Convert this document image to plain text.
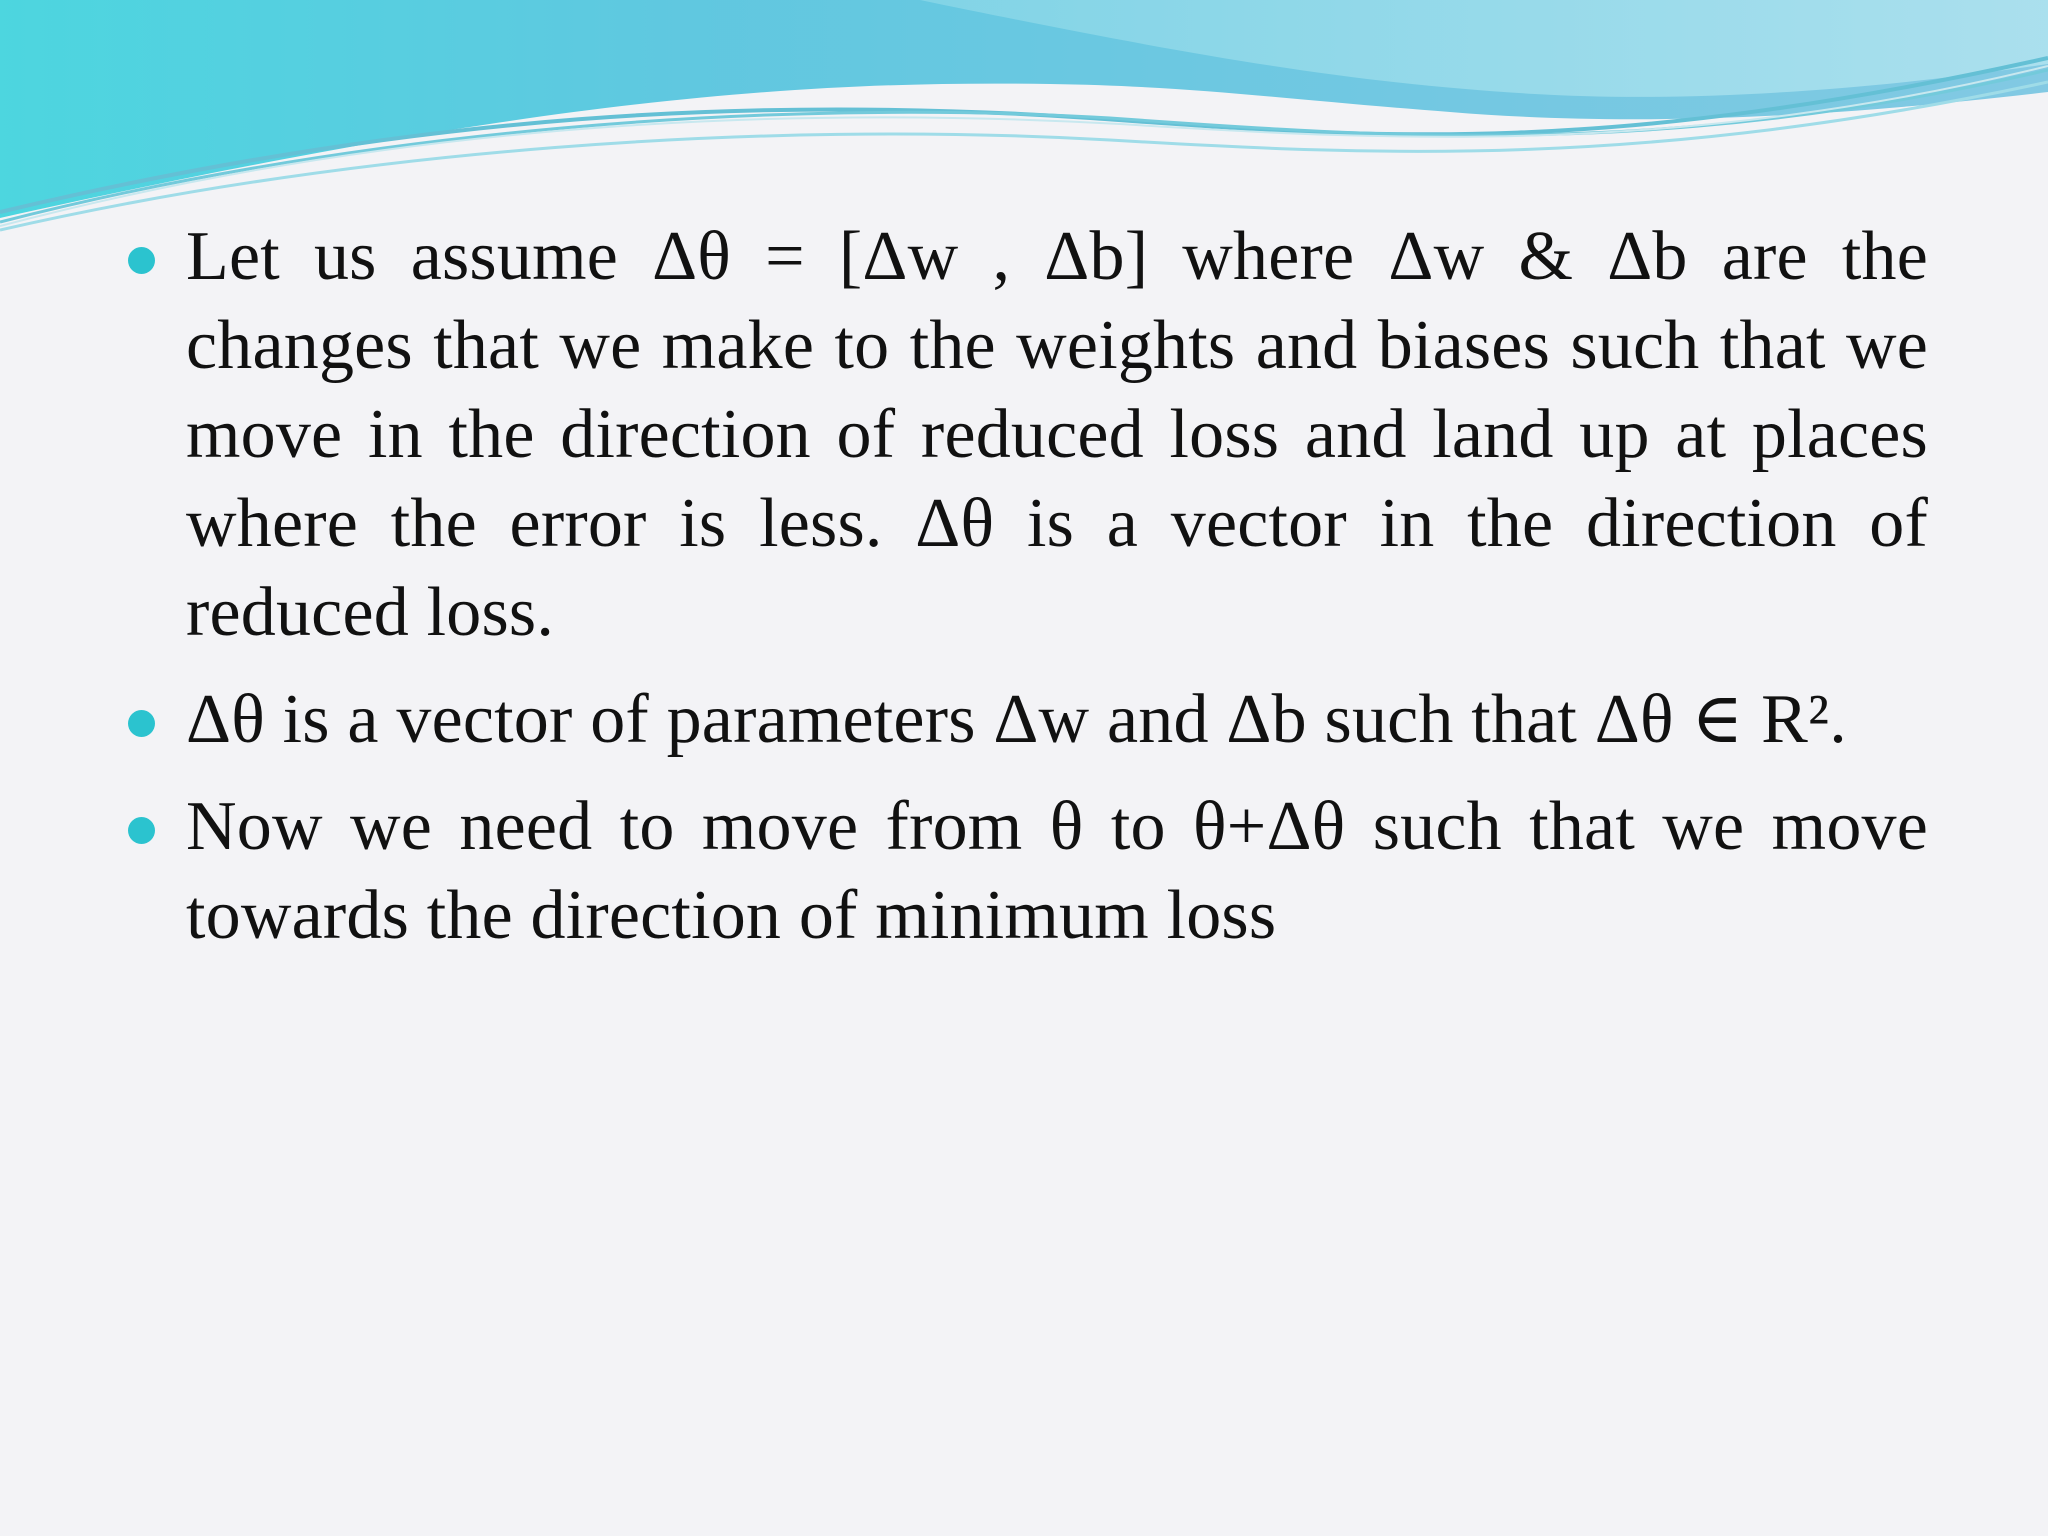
Let us assume Δθ = [Δw , Δb] where Δw & Δb are the changes that we make to the weights and biases such that we move in the direction of reduced loss and land up at places where the error is less. Δθ is a vector in the direction of reduced loss.
Δθ is a vector of parameters Δw and Δb such that Δθ ∈ R².
Now we need to move from θ to θ+Δθ such that we move towards the direction of minimum loss
